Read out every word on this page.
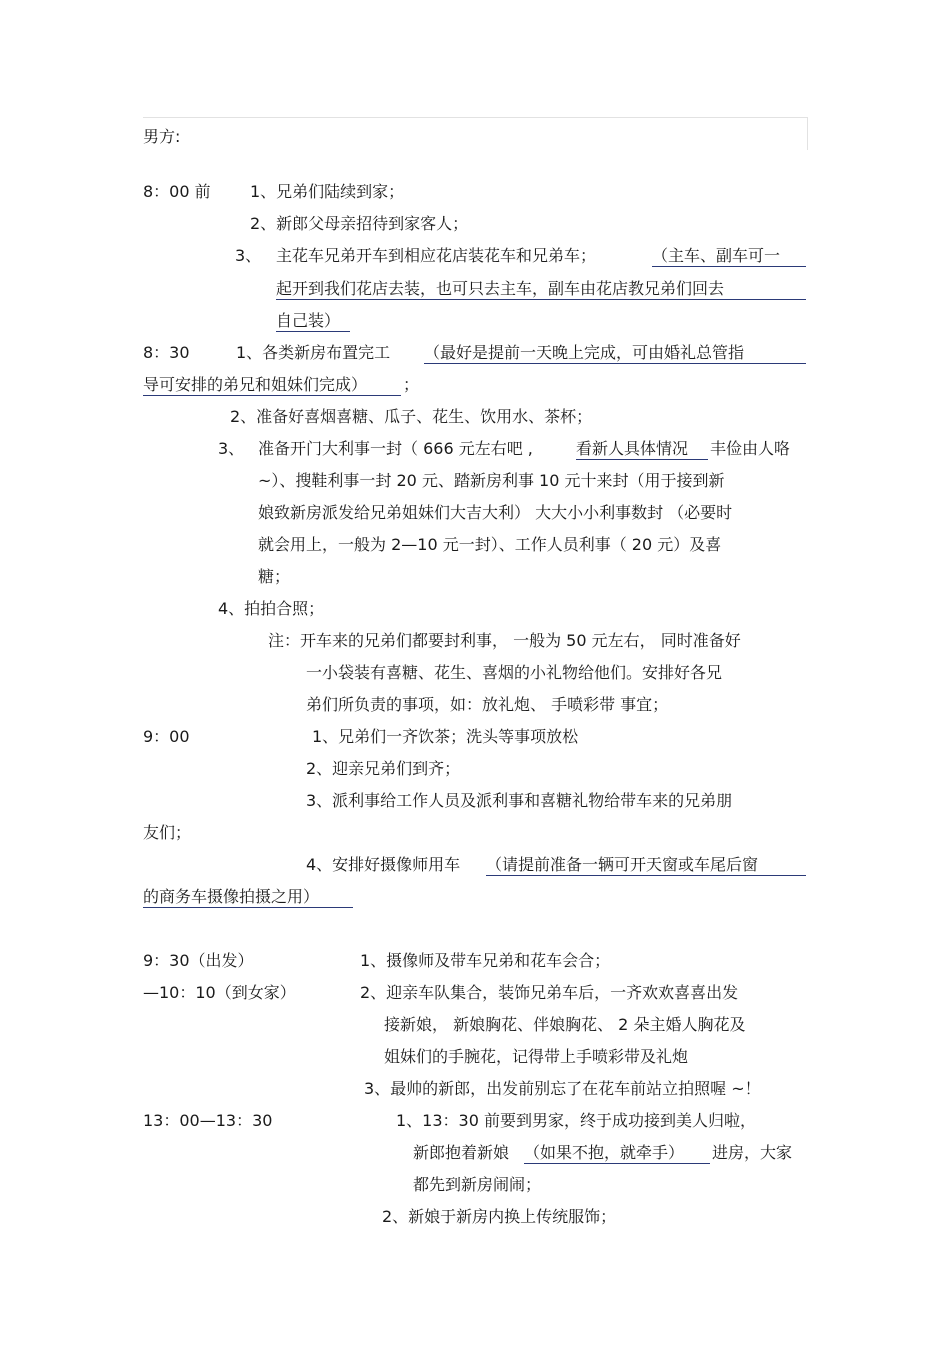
男方:
8：00 前 1、兄弟们陆续到家；
2、新郎父母亲招待到家客人；
3、 主花车兄弟开车到相应花店装花车和兄弟车；	（主车、副车可一
起开到我们花店去装，也可只去主车，副车由花店教兄弟们回去
自己装）
8：30	1、各类新房布置完工 （最好是提前一天晚上完成，可由婚礼总管指
导可安排的弟兄和姐妹们完成）	；
2、准备好喜烟喜糖、瓜子、花生、饮用水、茶杯；
3、 准备开门大利事一封（ 666 元左右吧 ,	看新人具体情况	丰俭由人咯
~）、搜鞋利事一封 20 元、踏新房利事 10 元十来封（用于接到新
娘致新房派发给兄弟姐妹们大吉大利） 大大小小利事数封 （必要时
就会用上，一般为 2—10 元一封）、工作人员利事（ 20 元）及喜
糖；
4、拍拍合照；
注：开车来的兄弟们都要封利事， 一般为 50 元左右， 同时准备好
一小袋装有喜糖、花生、喜烟的小礼物给他们。安排好各兄
弟们所负责的事项，如：放礼炮、 手喷彩带 事宜；
9：00	1、兄弟们一齐饮茶；洗头等事项放松
2、迎亲兄弟们到齐；
3、派利事给工作人员及派利事和喜糖礼物给带车来的兄弟朋
友们；
4、安排好摄像师用车 （请提前准备一辆可开天窗或车尾后窗
的商务车摄像拍摄之用）
9：30（出发）	1、摄像师及带车兄弟和花车会合；
—10：10（到女家）	2、迎亲车队集合，装饰兄弟车后，一齐欢欢喜喜出发
接新娘， 新娘胸花、伴娘胸花、 2 朵主婚人胸花及
姐妹们的手腕花，记得带上手喷彩带及礼炮
3、最帅的新郎，出发前别忘了在花车前站立拍照喔 ~！
13：00—13：30	1、13：30 前要到男家，终于成功接到美人归啦，
新郎抱着新娘 （如果不抱，就牵手）	进房，大家
都先到新房闹闹；
2、新娘于新房内换上传统服饰；
